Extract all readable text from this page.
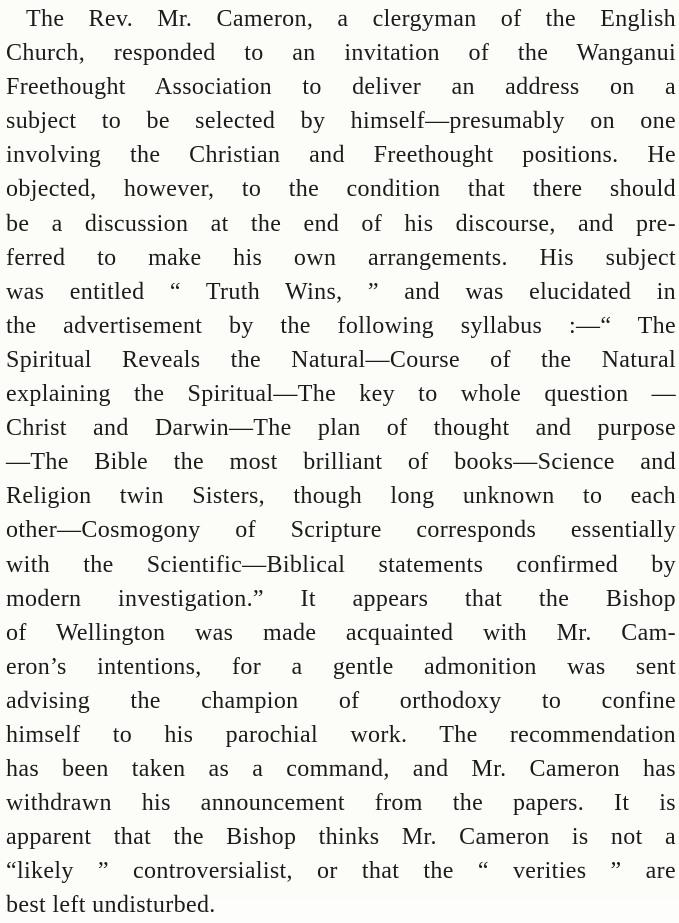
The Rev. Mr. Cameron, a clergyman of the English
Church, responded to an invitation of the Wanganui
Freethought Association to deliver an address on a
subject to be selected by himself—presumably on one
involving the Christian and Freethought positions. He
objected, however, to the condition that there should
be a discussion at the end of his discourse, and pre-
ferred to make his own arrangements. His subject
was entitled “ Truth Wins, ” and was elucidated in
the advertisement by the following syllabus :—“ The
Spiritual Reveals the Natural—Course of the Natural
explaining the Spiritual—The key to whole question —
Christ and Darwin—The plan of thought and purpose
—The Bible the most brilliant of books—Science and
Religion twin Sisters, though long unknown to each
other—Cosmogony of Scripture corresponds essentially
with the Scientific—Biblical statements confirmed by
modern investigation.” It appears that the Bishop
of Wellington was made acquainted with Mr. Cam-
eron’s intentions, for a gentle admonition was sent
advising the champion of orthodoxy to confine
himself to his parochial work. The recommendation
has been taken as a command, and Mr. Cameron has
withdrawn his announcement from the papers. It is
apparent that the Bishop thinks Mr. Cameron is not a
“likely ” controversialist, or that the “ verities ” are
best left undisturbed.
